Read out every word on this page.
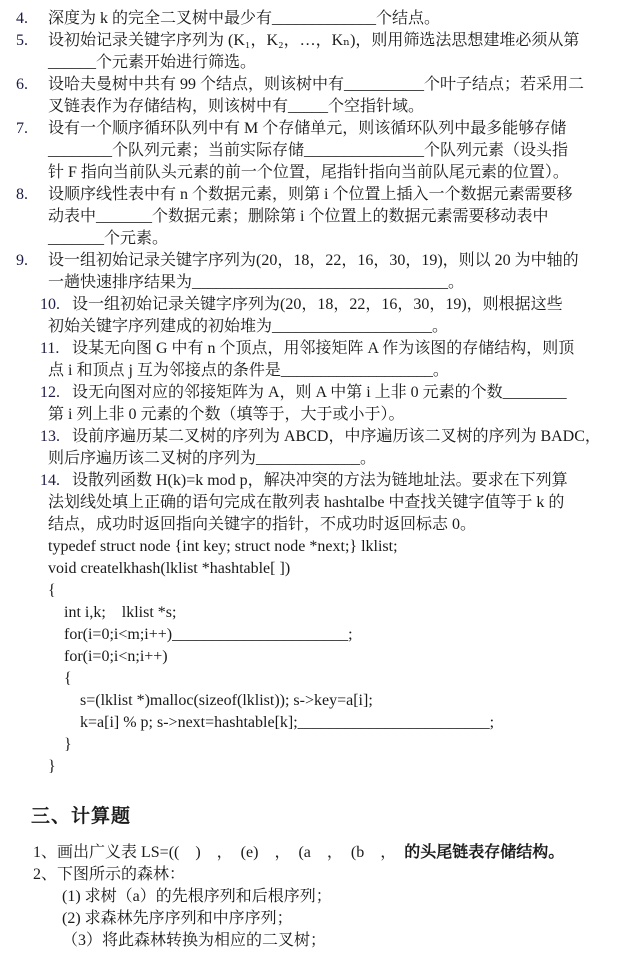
4. 深度为 k 的完全二叉树中最少有_____________个结点。
5. 设初始记录关键字序列为 (K₁，K₂，…，Kₙ)，则用筛选法思想建堆必须从第
______个元素开始进行筛选。
6. 设哈夫曼树中共有 99 个结点，则该树中有__________个叶子结点；若采用二
叉链表作为存储结构，则该树中有_____个空指针域。
7. 设有一个顺序循环队列中有 M 个存储单元，则该循环队列中最多能够存储
________个队列元素；当前实际存储_______________个队列元素（设头指
针 F 指向当前队头元素的前一个位置，尾指针指向当前队尾元素的位置）。
8. 设顺序线性表中有 n 个数据元素，则第 i 个位置上插入一个数据元素需要移
动表中_______个数据元素；删除第 i 个位置上的数据元素需要移动表中
_______个元素。
9. 设一组初始记录关键字序列为(20，18，22，16，30，19)，则以 20 为中轴的
一趟快速排序结果为________________________________。
10. 设一组初始记录关键字序列为(20，18，22，16，30，19)，则根据这些
初始关键字序列建成的初始堆为____________________。
11. 设某无向图 G 中有 n 个顶点，用邻接矩阵 A 作为该图的存储结构，则顶
点 i 和顶点 j 互为邻接点的条件是___________________。
12. 设无向图对应的邻接矩阵为 A，则 A 中第 i 上非 0 元素的个数________
第 i 列上非 0 元素的个数（填等于，大于或小于）。
13. 设前序遍历某二叉树的序列为 ABCD，中序遍历该二叉树的序列为 BADC，
则后序遍历该二叉树的序列为_____________。
14. 设散列函数 H(k)=k mod p，解决冲突的方法为链地址法。要求在下列算
法划线处填上正确的语句完成在散列表 hashtalbe 中查找关键字值等于 k 的
结点，成功时返回指向关键字的指针，不成功时返回标志 0。
typedef struct node {int key; struct node *next;} lklist;
void createlkhash(lklist *hashtable[ ])
{
int i,k;    lklist *s;
for(i=0;i<m;i++)______________________;
for(i=0;i<n;i++)
{
s=(lklist *)malloc(sizeof(lklist)); s->key=a[i];
k=a[i] % p; s->next=hashtable[k];________________________;
}
}
三、计算题
1、画出广义表 LS=((　)　，　(e)　，　(a　，　(b　，　的头尾链表存储结构。
2、下图所示的森林：
(1) 求树（a）的先根序列和后根序列；
(2) 求森林先序序列和中序序列；
（3）将此森林转换为相应的二叉树；
